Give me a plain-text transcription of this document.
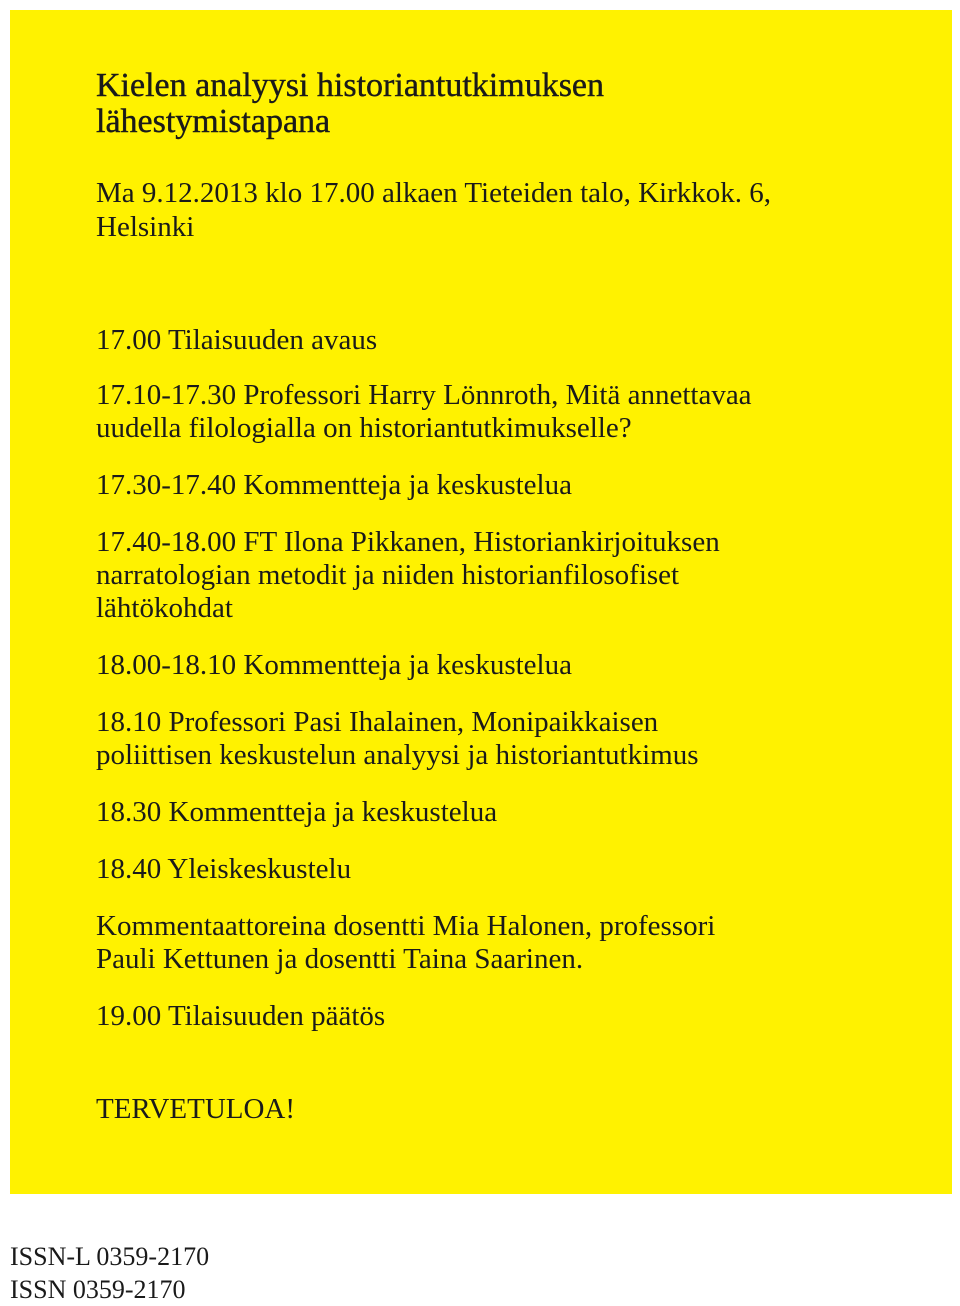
Kielen analyysi historiantutkimuksen
lähestymistapana

Ma 9.12.2013 klo 17.00 alkaen Tieteiden talo, Kirkkok. 6,
Helsinki

17.00 Tilaisuuden avaus
17.10-17.30 Professori Harry Lönnroth, Mitä annettavaa
uudella filologialla on historiantutkimukselle?
17.30-17.40 Kommentteja ja keskustelua
17.40-18.00 FT Ilona Pikkanen, Historiankirjoituksen
narratologian metodit ja niiden historianfilosofiset
lähtökohdat
18.00-18.10 Kommentteja ja keskustelua
18.10 Professori Pasi Ihalainen, Monipaikkaisen
poliittisen keskustelun analyysi ja historiantutkimus
18.30 Kommentteja ja keskustelua
18.40 Yleiskeskustelu
Kommentaattoreina dosentti Mia Halonen, professori
Pauli Kettunen ja dosentti Taina Saarinen.
19.00 Tilaisuuden päätös

TERVETULOA!

ISSN-L 0359-2170
ISSN 0359-2170
